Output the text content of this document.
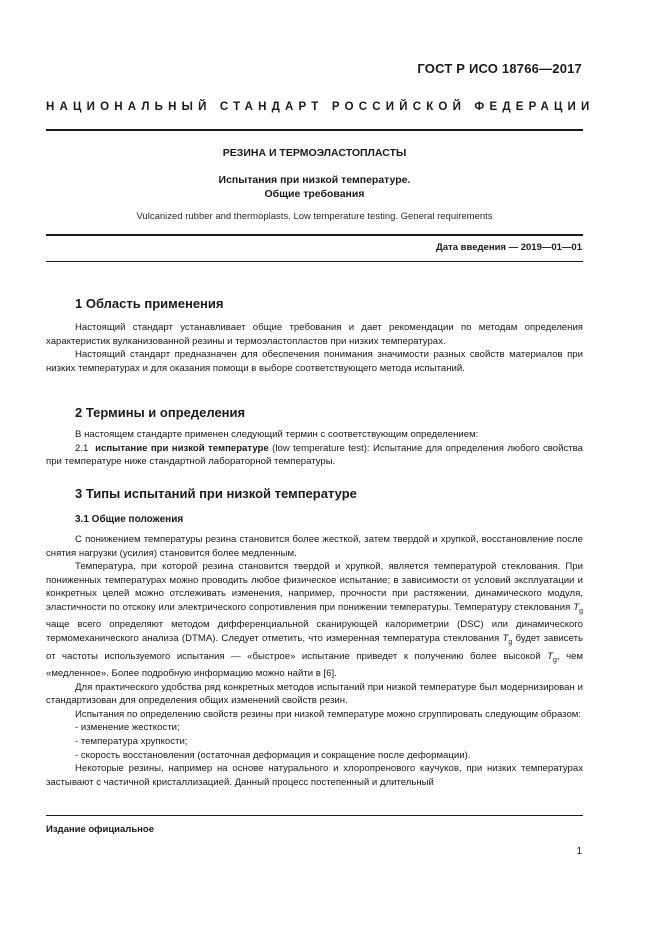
ГОСТ Р ИСО 18766—2017
НАЦИОНАЛЬНЫЙ СТАНДАРТ РОССИЙСКОЙ ФЕДЕРАЦИИ
РЕЗИНА И ТЕРМОЭЛАСТОПЛАСТЫ
Испытания при низкой температуре.
Общие требования
Vulcanized rubber and thermoplasts. Low temperature testing. General requirements
Дата введения — 2019—01—01
1 Область применения

Настоящий стандарт устанавливает общие требования и дает рекомендации по методам определения характеристик вулканизованной резины и термоэластопластов при низких температурах.

Настоящий стандарт предназначен для обеспечения понимания значимости разных свойств материалов при низких температурах и для оказания помощи в выборе соответствующего метода испытаний.

2 Термины и определения

В настоящем стандарте применен следующий термин с соответствующим определением:

2.1 испытание при низкой температуре (low temperature test): Испытание для определения любого свойства при температуре ниже стандартной лабораторной температуры.

3 Типы испытаний при низкой температуре
3.1 Общие положения

С понижением температуры резина становится более жесткой, затем твердой и хрупкой, восстановление после снятия нагрузки (усилия) становится более медленным.

Температура, при которой резина становится твердой и хрупкой, является температурой стеклования. При пониженных температурах можно проводить любое физическое испытание; в зависимости от условий эксплуатации и конкретных целей можно отслеживать изменения, например, прочности при растяжении, динамического модуля, эластичности по отскоку или электрического сопротивления при понижении температуры. Температуру стеклования $T_g$ чаще всего определяют методом дифференциальной сканирующей калориметрии (DSC) или динамического термомеханического анализа (DTMA). Следует отметить, что измеренная температура стеклования $T_g$ будет зависеть от частоты используемого испытания — «быстрое» испытание приведет к получению более высокой $T_g$, чем «медленное». Более подробную информацию можно найти в [6].

Для практического удобства ряд конкретных методов испытаний при низкой температуре был модернизирован и стандартизован для определения общих изменений свойств резин.

Испытания по определению свойств резины при низкой температуре можно сгруппировать следующим образом:

- изменение жесткости;

- температура хрупкости;

- скорость восстановления (остаточная деформация и сокращение после деформации).

Некоторые резины, например на основе натурального и хлоропренового каучуков, при низких температурах застывают с частичной кристаллизацией. Данный процесс постепенный и длительный

Издание официальное
1
